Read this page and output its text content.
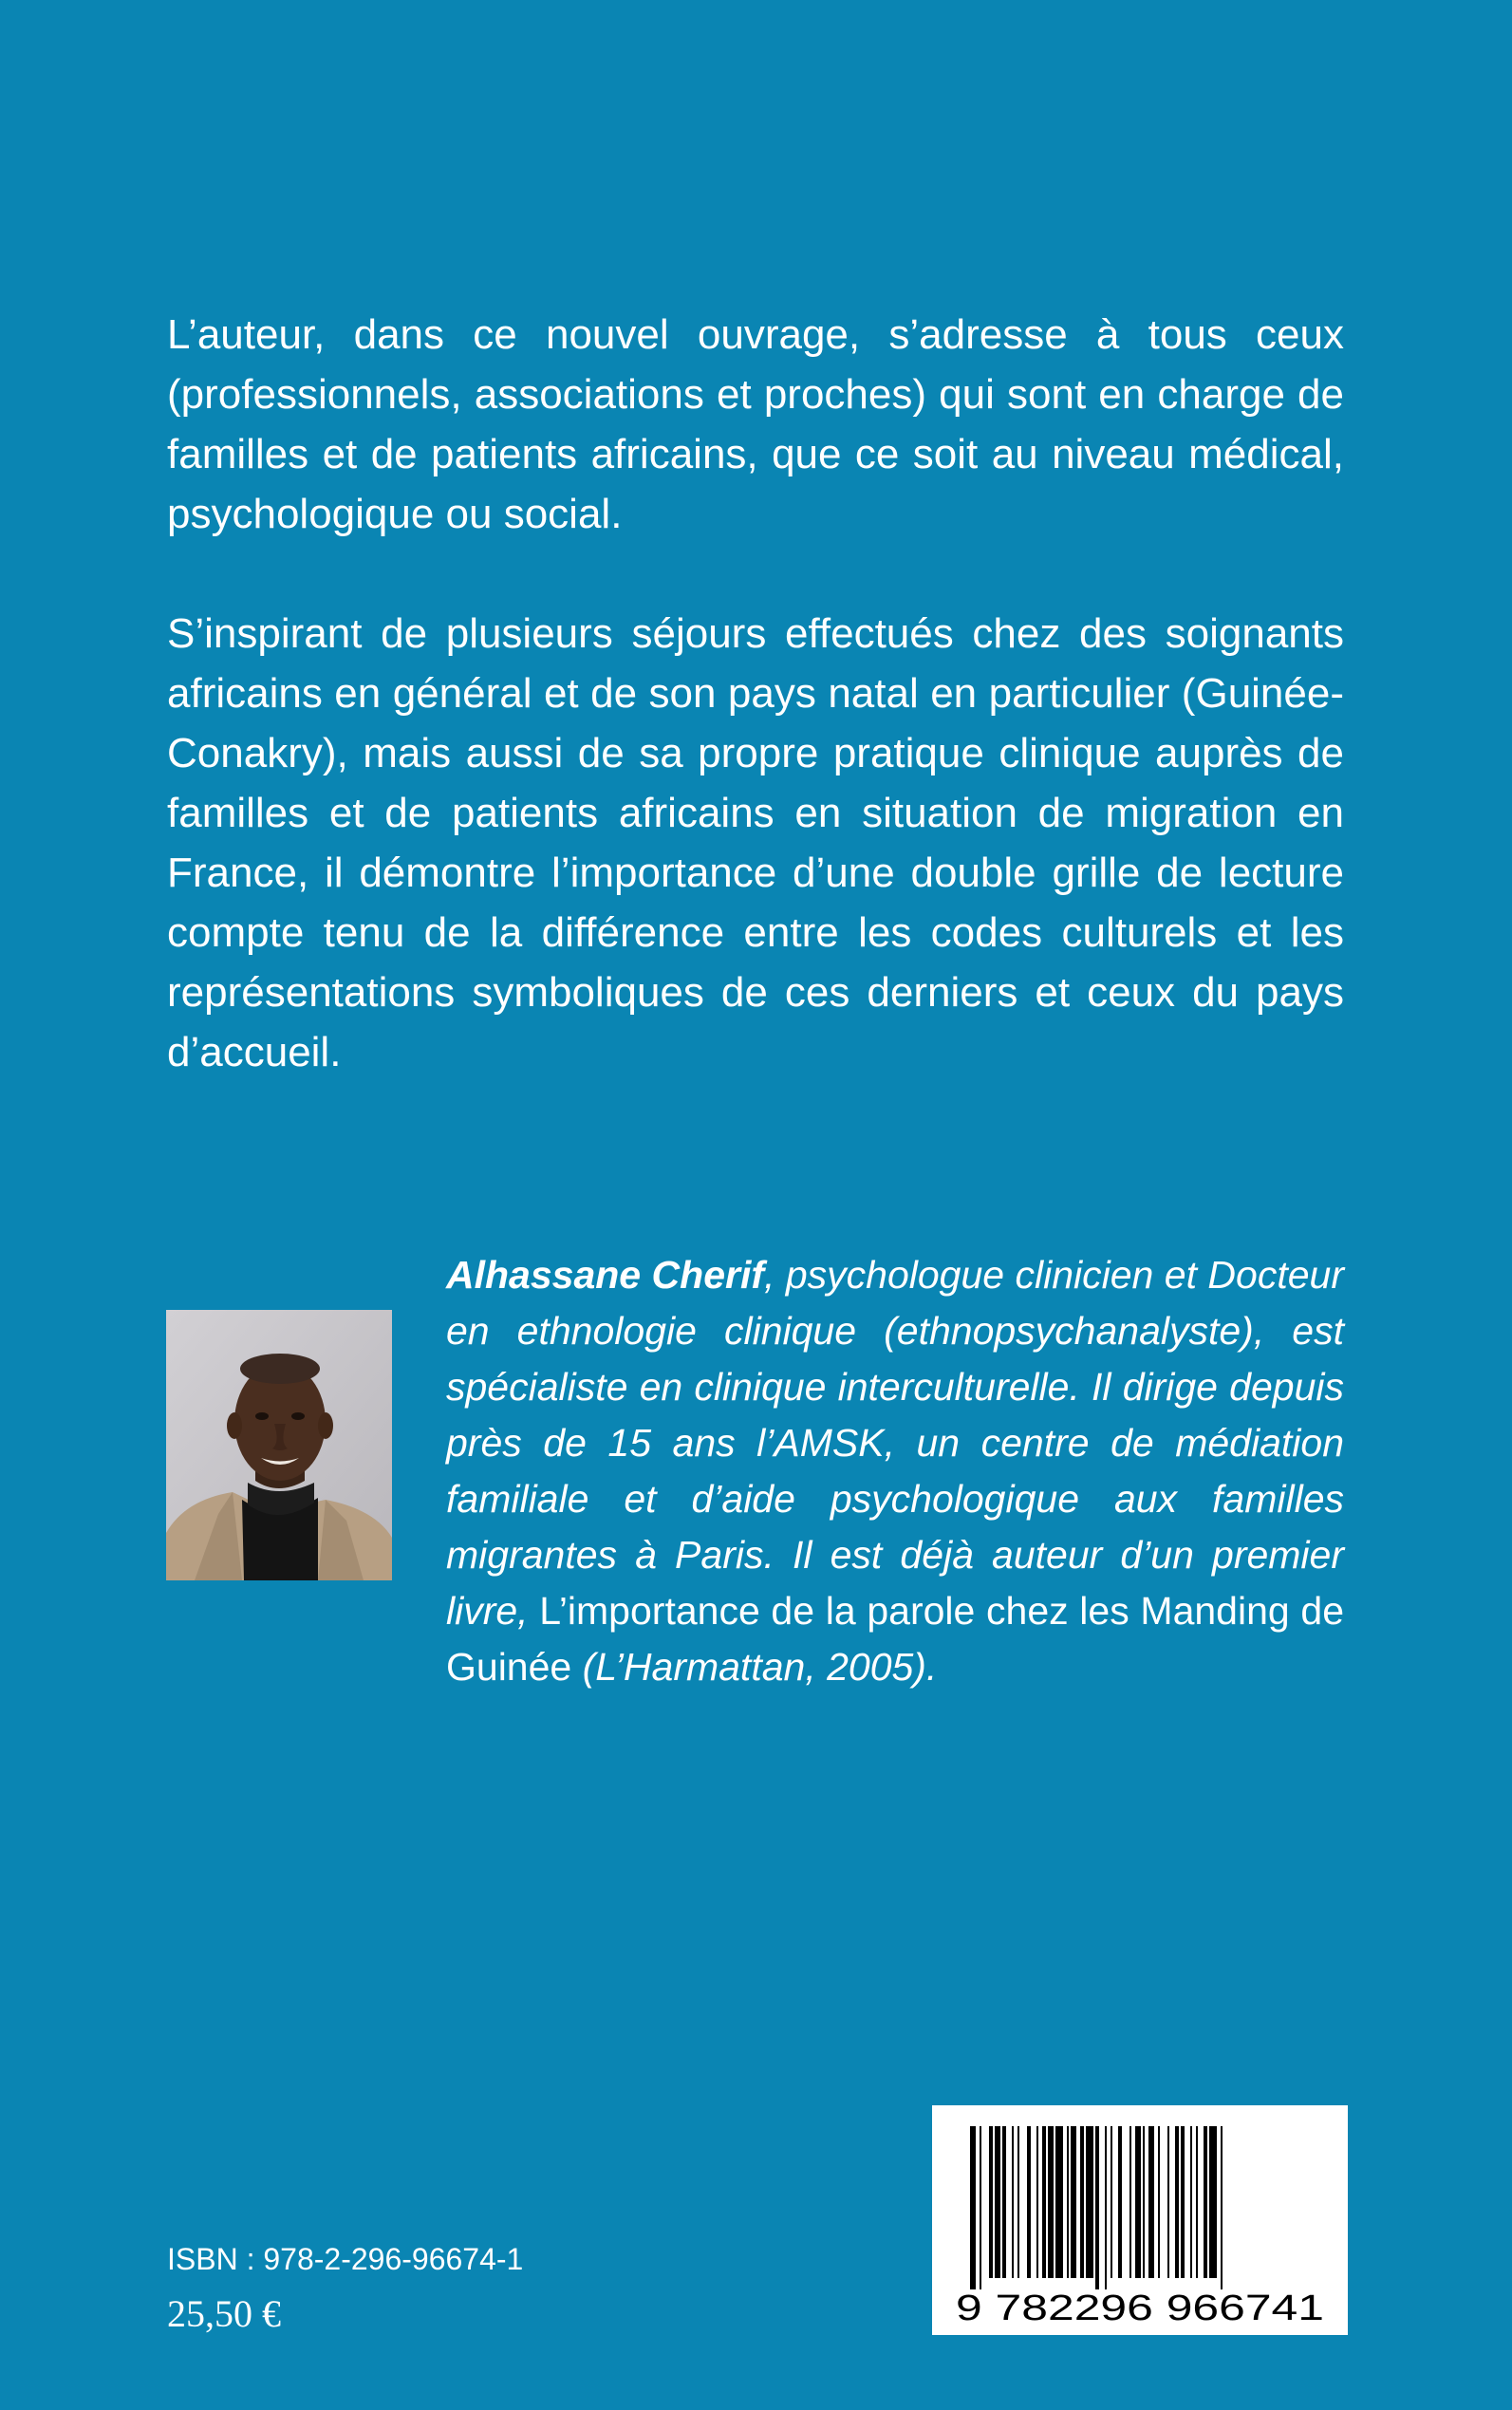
L’auteur, dans ce nouvel ouvrage, s’adresse à tous ceux (professionnels, associations et proches) qui sont en charge de familles et de patients africains, que ce soit au niveau médical, psychologique ou social.

S’inspirant de plusieurs séjours effectués chez des soignants africains en général et de son pays natal en particulier (Guinée-Conakry), mais aussi de sa propre pratique clinique auprès de familles et de patients africains en situation de migration en France, il démontre l’importance d’une double grille de lecture compte tenu de la différence entre les codes culturels et les représentations symboliques de ces derniers et ceux du pays d’accueil.

Alhassane Cherif, psychologue clinicien et Docteur en ethnologie clinique (ethnopsychanalyste), est spécialiste en clinique interculturelle. Il dirige depuis près de 15 ans l’AMSK, un centre de médiation familiale et d’aide psychologique aux familles migrantes à Paris. Il est déjà auteur d’un premier livre, L’importance de la parole chez les Manding de Guinée (L’Harmattan, 2005).

ISBN : 978-2-296-96674-1

25,50 €	9 782296 966741
